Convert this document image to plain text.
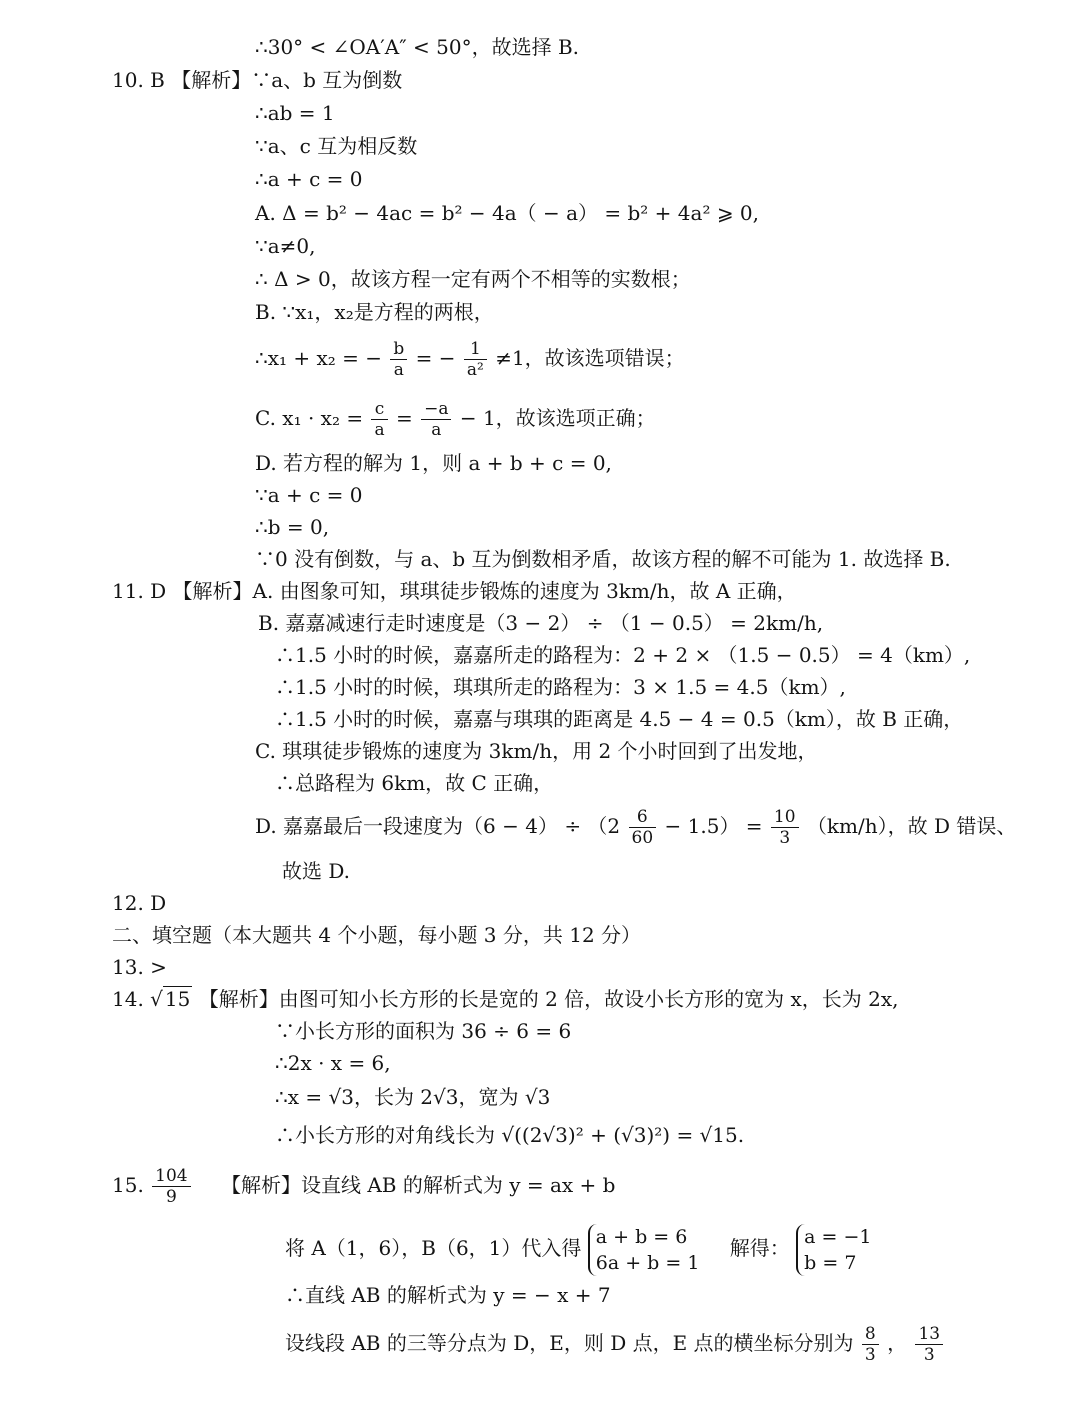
∴30° < ∠OA′A″ < 50°，故选择 B.
10. B 【解析】∵a、b 互为倒数
∴ab = 1
∵a、c 互为相反数
∴a + c = 0
A. Δ = b² − 4ac = b² − 4a（ − a） = b² + 4a² ⩾ 0,
∵a≠0,
∴ Δ > 0，故该方程一定有两个不相等的实数根；
B. ∵x₁，x₂是方程的两根，
∴x₁ + x₂ = − $\frac{b}{a}$ = − $\frac{1}{\text{a²}} \ne 1$，故该选项错误；
C. $x_1 \cdot x_2 = \frac{c}{a} = \frac{-a}{a} - 1$，故该选项正确；
D. 若方程的解为 1，则 a + b + c = 0,
∵a + c = 0
∴b = 0,
∵0 没有倒数，与 a、b 互为倒数相矛盾，故该方程的解不可能为 1. 故选择 B.
11. D 【解析】A. 由图象可知，琪琪徒步锻炼的速度为 3km/h，故 A 正确，
B. 嘉嘉减速行走时速度是（3 − 2） ÷ （1 − 0.5） = 2km/h,
∴1.5 小时的时候，嘉嘉所走的路程为：2 + 2 × （1.5 − 0.5） = 4（km）,
∴1.5 小时的时候，琪琪所走的路程为：3 × 1.5 = 4.5（km）,
∴1.5 小时的时候，嘉嘉与琪琪的距离是 4.5 − 4 = 0.5（km），故 B 正确，
C. 琪琪徒步锻炼的速度为 3km/h，用 2 个小时回到了出发地，
∴总路程为 6km，故 C 正确，
D. 嘉嘉最后一段速度为$(6 - 4) \div (2 \frac{6}{60} - 1.5) = \frac{10}{3} (km/h)$，故 D 错误、
故选 D.
12. D
二、填空题（本大题共 4 个小题，每小题 3 分，共 12 分）
13. >
14. √ 15 【解析】由图可知小长方形的长是宽的 2 倍，故设小长方形的宽为 x，长为 2x,
∵小长方形的面积为 36 ÷ 6 = 6
∴2x · x = 6,
∴x = √3，长为 2√3，宽为 √3
∴小长方形的对角线长为 √((2√3)² + (√3)²) = √15.
15. $\frac{104}{9}$ 【解析】设直线 AB 的解析式为 y = ax + b
将 A（1，6），B（6，1）代入得 a + b = 6
6a + b = 1
解得： a = −1
b = 7
∴直线 AB 的解析式为 y = − x + 7
设线段 AB 的三等分点为 D，E，则 D 点，E 点的横坐标分别为 $\frac{8}{3}$ ， $\frac{13}{3}$
